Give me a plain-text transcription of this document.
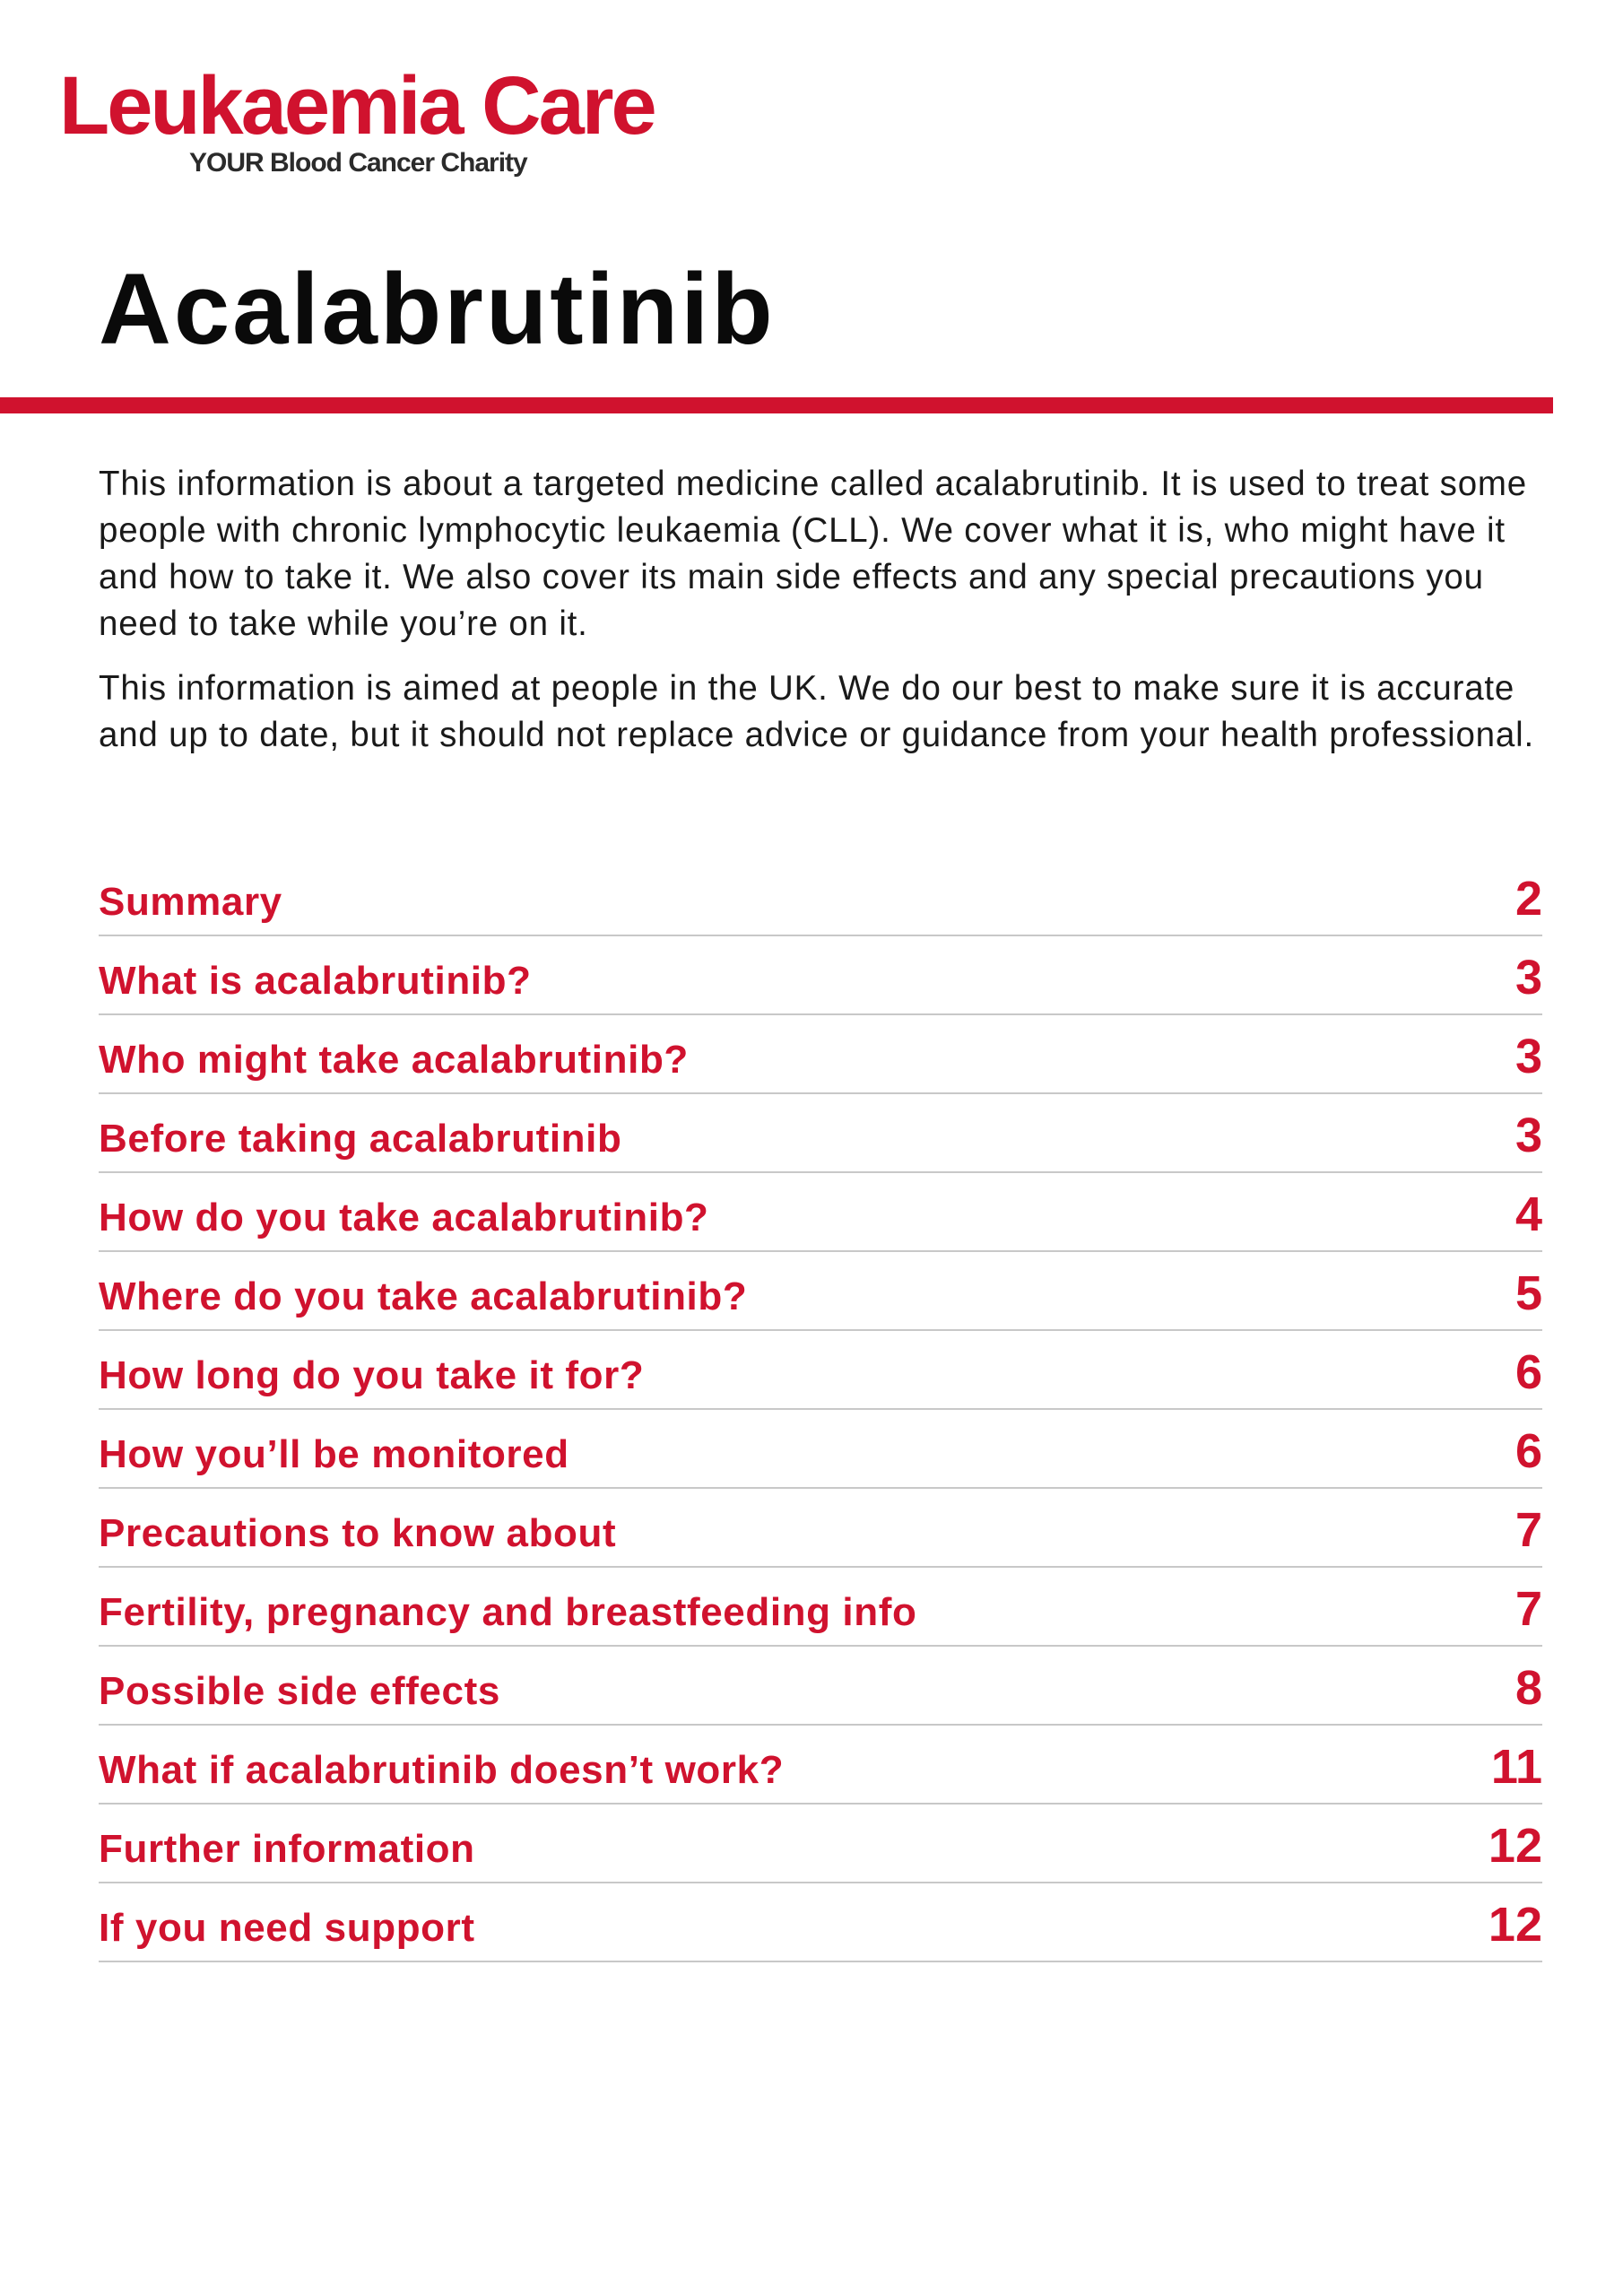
Leukaemia Care
YOUR Blood Cancer Charity
Acalabrutinib

This information is about a targeted medicine called acalabrutinib. It is used to treat some people with chronic lymphocytic leukaemia (CLL). We cover what it is, who might have it and how to take it. We also cover its main side effects and any special precautions you need to take while you’re on it.

This information is aimed at people in the UK. We do our best to make sure it is accurate and up to date, but it should not replace advice or guidance from your health professional.

Summary	2
What is acalabrutinib?	3
Who might take acalabrutinib?	3
Before taking acalabrutinib	3
How do you take acalabrutinib?	4
Where do you take acalabrutinib?	5
How long do you take it for?	6
How you’ll be monitored	6
Precautions to know about	7
Fertility, pregnancy and breastfeeding info	7
Possible side effects	8
What if acalabrutinib doesn’t work?	11
Further information	12
If you need support	12
